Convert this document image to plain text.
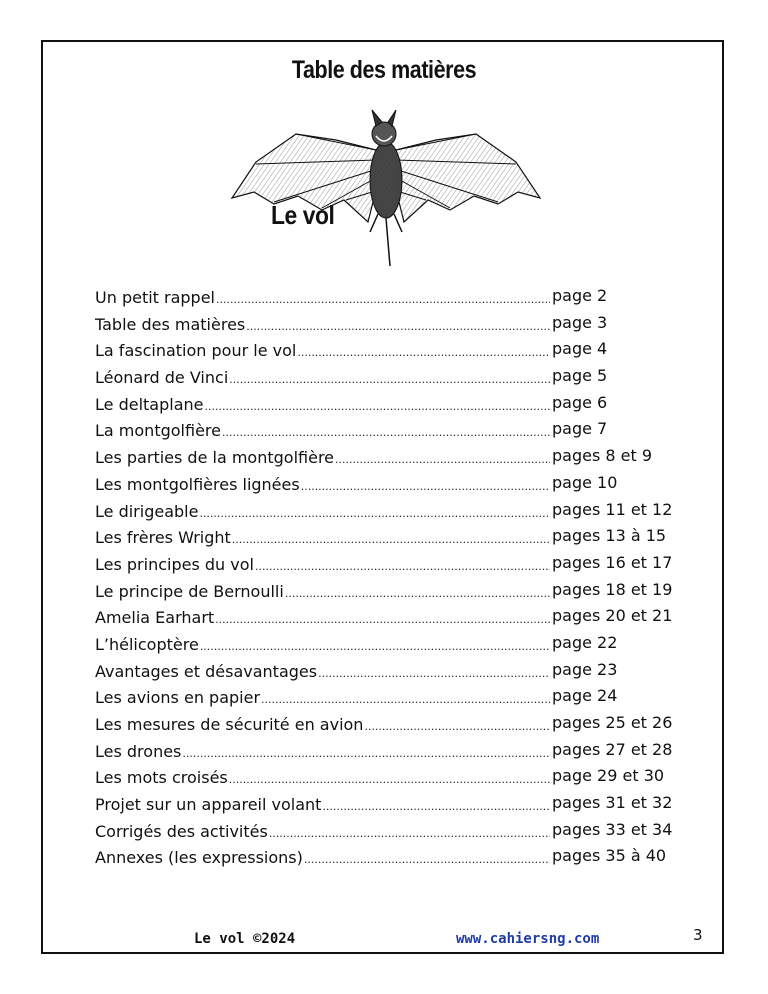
Table des matières
Le vol
Un petit rappel .....	page 2
Table des matières .....	page 3
La fascination pour le vol .....	page 4
Léonard de Vinci .....	page 5
Le deltaplane .....	page 6
La montgolfière .....	page 7
Les parties de la montgolfière .....	pages 8 et 9
Les montgolfières lignées .....	page 10
Le dirigeable .....	pages 11 et 12
Les frères Wright .....	pages 13 à 15
Les principes du vol .....	pages 16 et 17
Le principe de Bernoulli .....	pages 18 et 19
Amelia Earhart .....	pages 20 et 21
L’hélicoptère .....	page 22
Avantages et désavantages .....	page 23
Les avions en papier .....	page 24
Les mesures de sécurité en avion .....	pages 25 et 26
Les drones .....	pages 27 et 28
Les mots croisés .....	page 29 et 30
Projet sur un appareil volant .....	pages 31 et 32
Corrigés des activités .....	pages 33 et 34
Annexes (les expressions) .....	pages 35 à 40
Le vol ©2024	www.cahiersng.com	3
